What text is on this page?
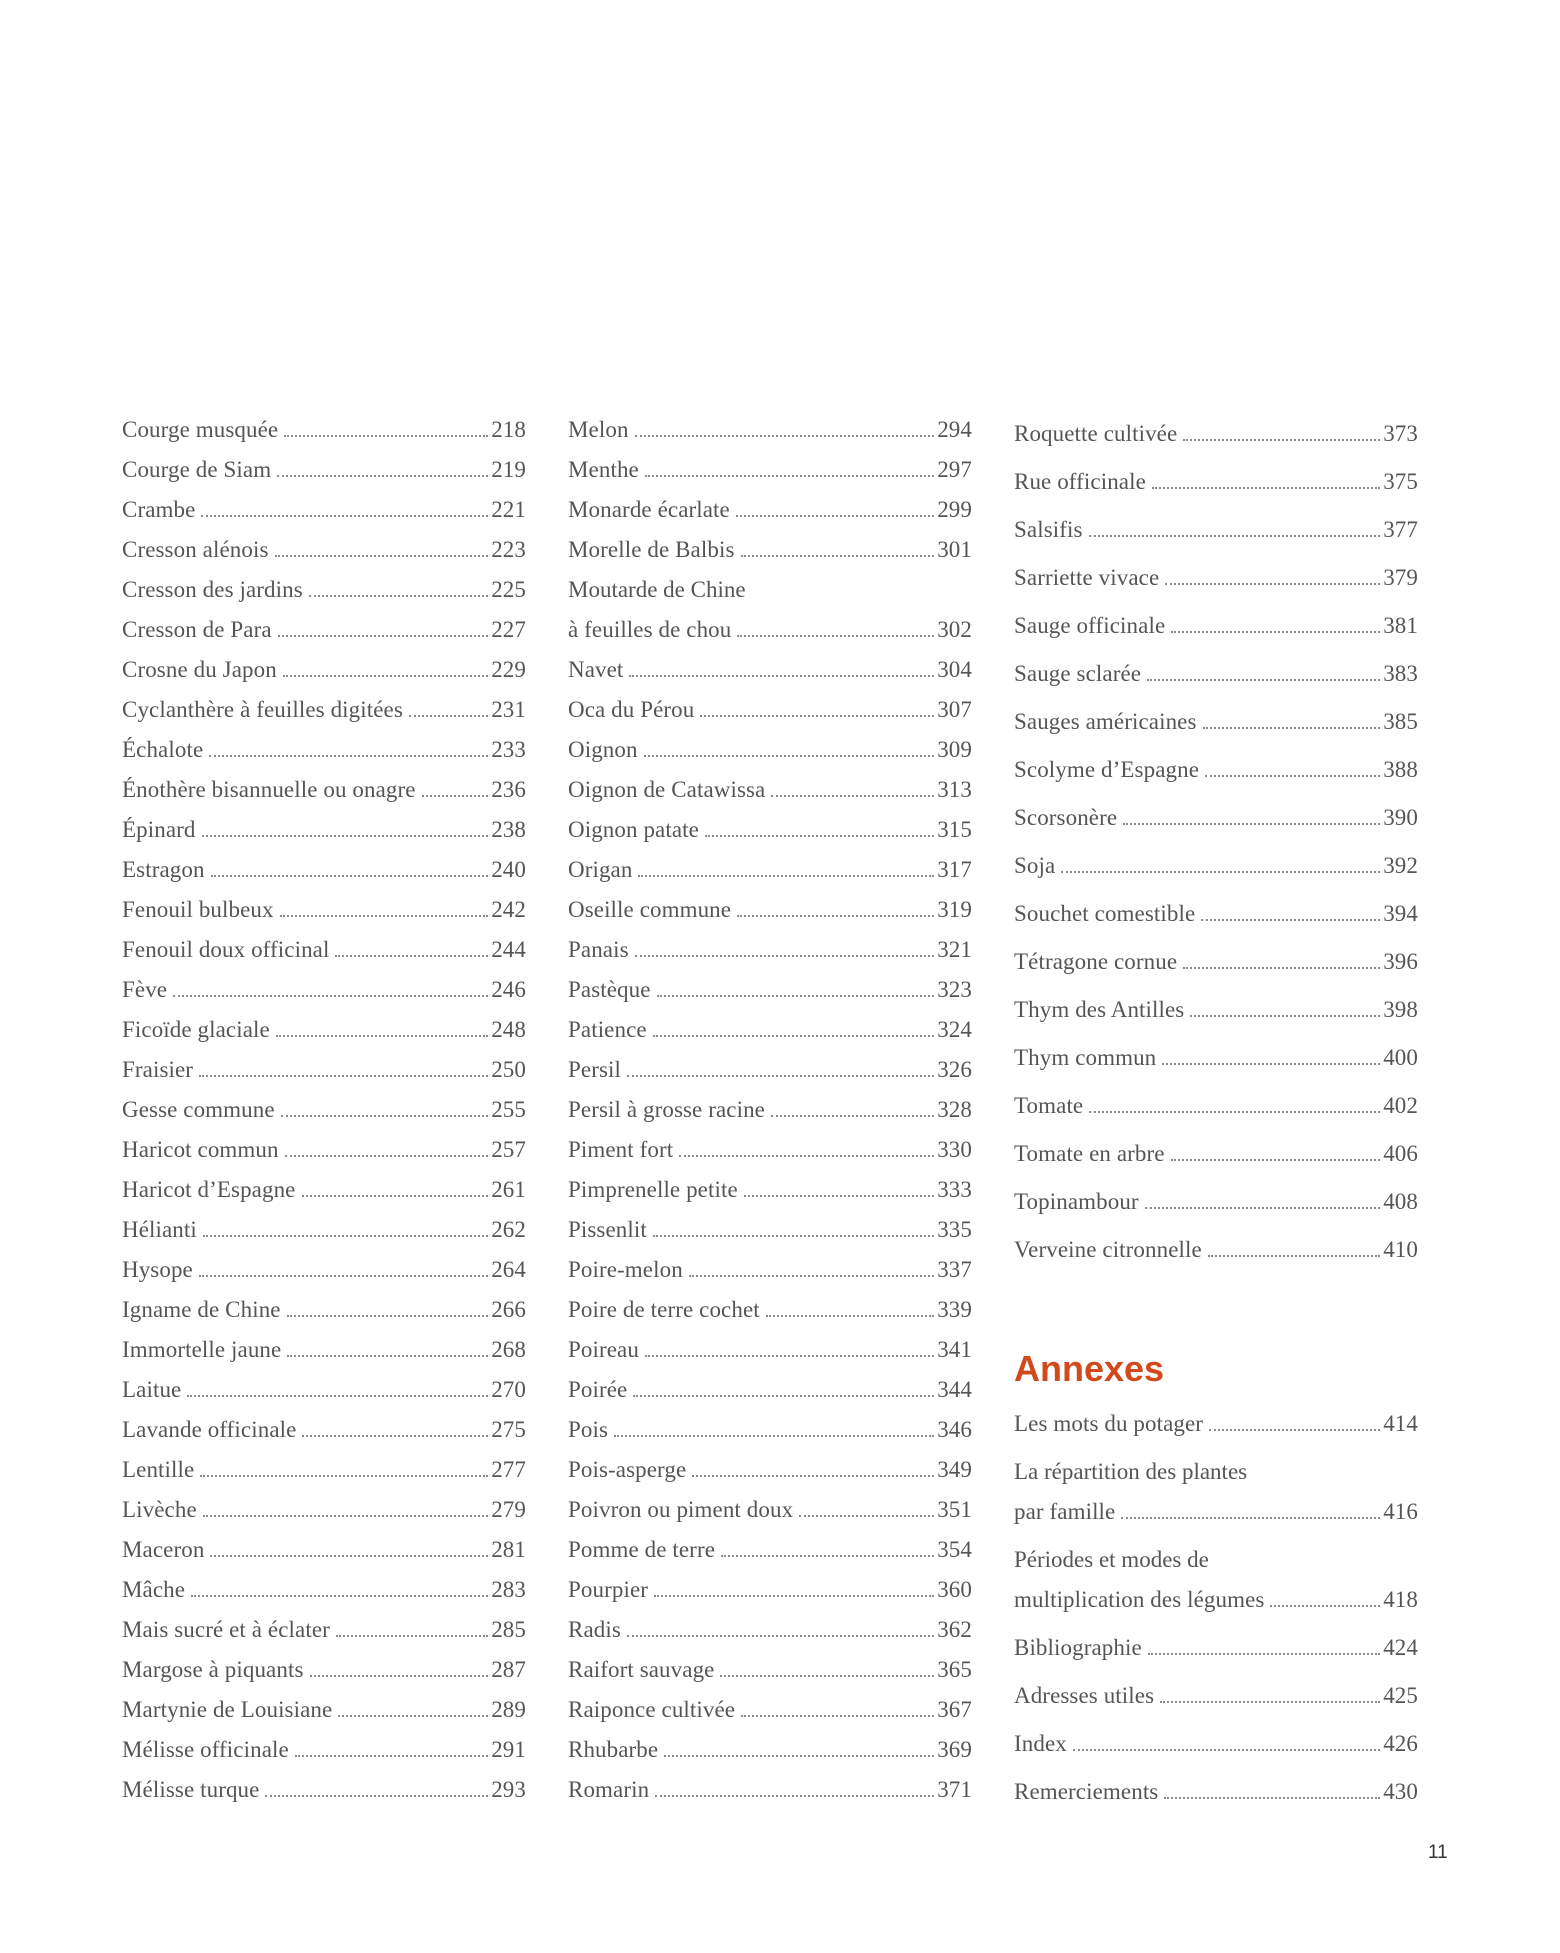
Courge musquée	218
Courge de Siam	219
Crambe	221
Cresson alénois	223
Cresson des jardins	225
Cresson de Para	227
Crosne du Japon	229
Cyclanthère à feuilles digitées	231
Échalote	233
Énothère bisannuelle ou onagre	236
Épinard	238
Estragon	240
Fenouil bulbeux	242
Fenouil doux officinal	244
Fève	246
Ficoïde glaciale	248
Fraisier	250
Gesse commune	255
Haricot commun	257
Haricot d’Espagne	261
Hélianti	262
Hysope	264
Igname de Chine	266
Immortelle jaune	268
Laitue	270
Lavande officinale	275
Lentille	277
Livèche	279
Maceron	281
Mâche	283
Mais sucré et à éclater	285
Margose à piquants	287
Martynie de Louisiane	289
Mélisse officinale	291
Mélisse turque	293
Melon	294
Menthe	297
Monarde écarlate	299
Morelle de Balbis	301
Moutarde de Chine
à feuilles de chou	302
Navet	304
Oca du Pérou	307
Oignon	309
Oignon de Catawissa	313
Oignon patate	315
Origan	317
Oseille commune	319
Panais	321
Pastèque	323
Patience	324
Persil	326
Persil à grosse racine	328
Piment fort	330
Pimprenelle petite	333
Pissenlit	335
Poire-melon	337
Poire de terre cochet	339
Poireau	341
Poirée	344
Pois	346
Pois-asperge	349
Poivron ou piment doux	351
Pomme de terre	354
Pourpier	360
Radis	362
Raifort sauvage	365
Raiponce cultivée	367
Rhubarbe	369
Romarin	371
Roquette cultivée	373
Rue officinale	375
Salsifis	377
Sarriette vivace	379
Sauge officinale	381
Sauge sclarée	383
Sauges américaines	385
Scolyme d’Espagne	388
Scorsonère	390
Soja	392
Souchet comestible	394
Tétragone cornue	396
Thym des Antilles	398
Thym commun	400
Tomate	402
Tomate en arbre	406
Topinambour	408
Verveine citronnelle	410
Annexes
Les mots du potager	414
La répartition des plantes
par famille	416
Périodes et modes de
multiplication des légumes	418
Bibliographie	424
Adresses utiles	425
Index	426
Remerciements	430
11
